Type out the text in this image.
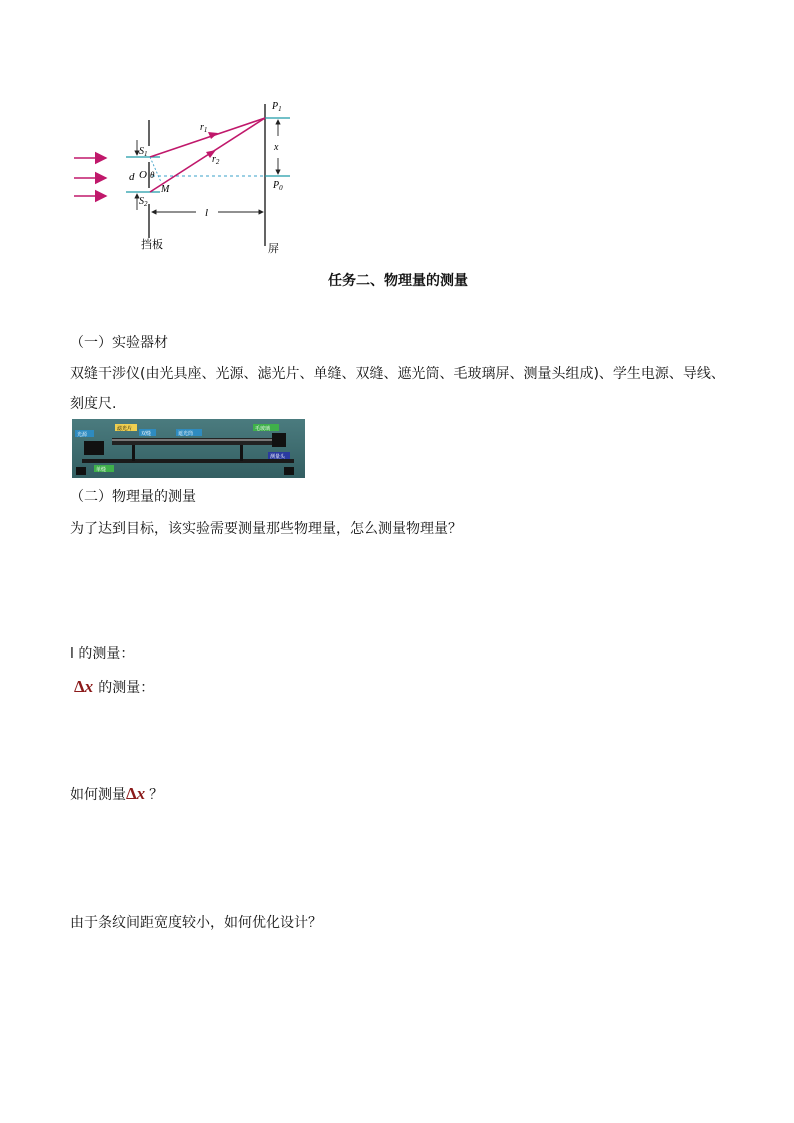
$P_1$
$P_0$
$S_1$
$S_2$
$r_1$
$r_2$
d O θ
M
x
l
挡板	屏
任务二、物理量的测量
（一）实验器材
双缝干涉仪(由光具座、光源、滤光片、单缝、双缝、遮光筒、毛玻璃屏、测量头组成)、学生电源、导线、
刻度尺.
光源
滤光片
双缝	遮光筒
毛玻璃
单缝
测量头
（二）物理量的测量
为了达到目标，该实验需要测量那些物理量，怎么测量物理量？
l 的测量：
Δx 的测量：
如何测量Δx ？
由于条纹间距宽度较小，如何优化设计？
